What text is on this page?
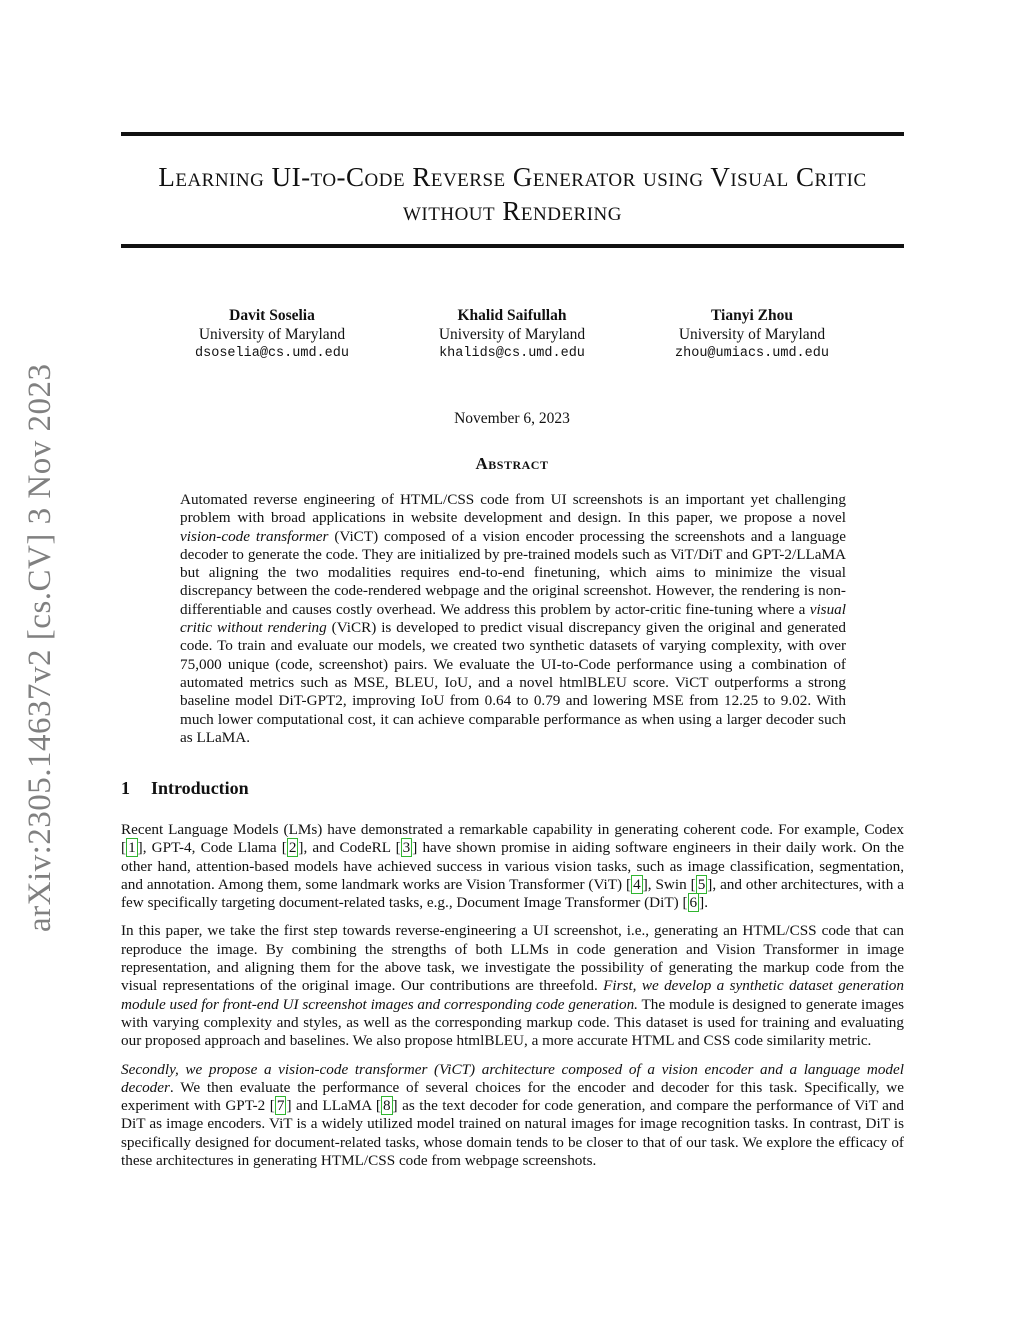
Learning UI-to-Code Reverse Generator using Visual Critic without Rendering
Davit Soselia
University of Maryland
dsoselia@cs.umd.edu
Khalid Saifullah
University of Maryland
khalids@cs.umd.edu
Tianyi Zhou
University of Maryland
zhou@umiacs.umd.edu
November 6, 2023
Abstract
Automated reverse engineering of HTML/CSS code from UI screenshots is an important yet challenging problem with broad applications in website development and design. In this paper, we propose a novel vision-code transformer (ViCT) composed of a vision encoder processing the screenshots and a language decoder to generate the code. They are initialized by pre-trained models such as ViT/DiT and GPT-2/LLaMA but aligning the two modalities requires end-to-end finetuning, which aims to minimize the visual discrepancy between the code-rendered webpage and the original screenshot. However, the rendering is non-differentiable and causes costly overhead. We address this problem by actor-critic fine-tuning where a visual critic without rendering (ViCR) is developed to predict visual discrepancy given the original and generated code. To train and evaluate our models, we created two synthetic datasets of varying complexity, with over 75,000 unique (code, screenshot) pairs. We evaluate the UI-to-Code performance using a combination of automated metrics such as MSE, BLEU, IoU, and a novel htmlBLEU score. ViCT outperforms a strong baseline model DiT-GPT2, improving IoU from 0.64 to 0.79 and lowering MSE from 12.25 to 9.02. With much lower computational cost, it can achieve comparable performance as when using a larger decoder such as LLaMA.
1 Introduction

Recent Language Models (LMs) have demonstrated a remarkable capability in generating coherent code. For example, Codex [ 1 ], GPT-4, Code Llama [ 2 ], and CodeRL [ 3 ] have shown promise in aiding software engineers in their daily work. On the other hand, attention-based models have achieved success in various vision tasks, such as image classification, segmentation, and annotation. Among them, some landmark works are Vision Transformer (ViT) [ 4 ], Swin [ 5 ], and other architectures, with a few specifically targeting document-related tasks, e.g., Document Image Transformer (DiT) [ 6 ].

In this paper, we take the first step towards reverse-engineering a UI screenshot, i.e., generating an HTML/CSS code that can reproduce the image. By combining the strengths of both LLMs in code generation and Vision Transformer in image representation, and aligning them for the above task, we investigate the possibility of generating the markup code from the visual representations of the original image. Our contributions are threefold. First, we develop a synthetic dataset generation module used for front-end UI screenshot images and corresponding code generation. The module is designed to generate images with varying complexity and styles, as well as the corresponding markup code. This dataset is used for training and evaluating our proposed approach and baselines. We also propose htmlBLEU, a more accurate HTML and CSS code similarity metric.

Secondly, we propose a vision-code transformer (ViCT) architecture composed of a vision encoder and a language model decoder. We then evaluate the performance of several choices for the encoder and decoder for this task. Specifically, we experiment with GPT-2 [ 7 ] and LLaMA [ 8 ] as the text decoder for code generation, and compare the performance of ViT and DiT as image encoders. ViT is a widely utilized model trained on natural images for image recognition tasks. In contrast, DiT is specifically designed for document-related tasks, whose domain tends to be closer to that of our task. We explore the efficacy of these architectures in generating HTML/CSS code from webpage screenshots.

arXiv:2305.14637v2 [cs.CV] 3 Nov 2023
